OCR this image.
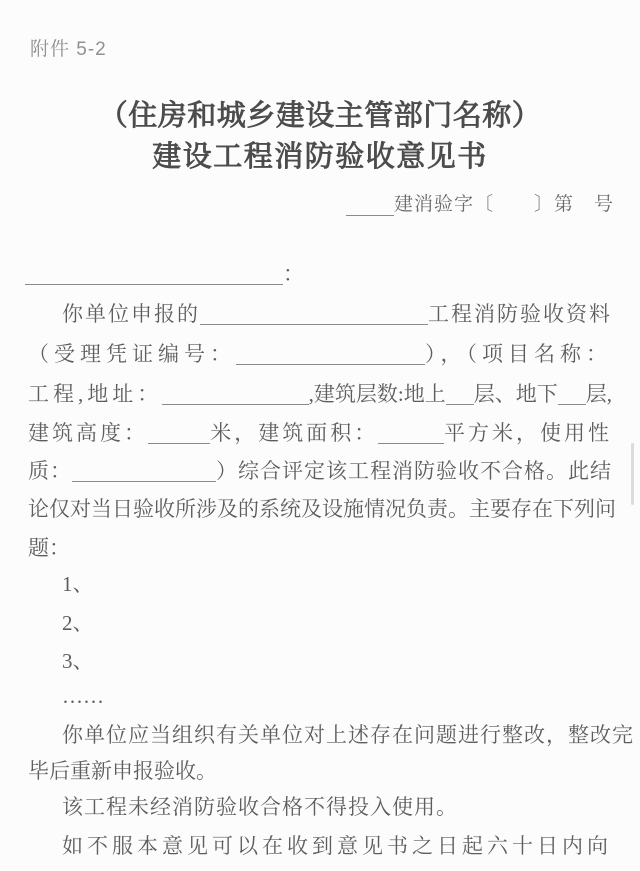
附件 5-2
（住房和城乡建设主管部门名称）
建设工程消防验收意见书
建消验字〔　　〕第　号
：
你单位申报的	工程消防验收资料
（受理凭证编号：	），（项目名称：
工程,地址：	,建筑层数:地上 层、地下 层,
建筑高度：	米，建筑面积：	平方米，使用性
质：	）综合评定该工程消防验收不合格。此结
论仅对当日验收所涉及的系统及设施情况负责。主要存在下列问
题：
1、
2、
3、
……
你单位应当组织有关单位对上述存在问题进行整改，整改完
毕后重新申报验收。
该工程未经消防验收合格不得投入使用。
如不服本意见可以在收到意见书之日起六十日内向
